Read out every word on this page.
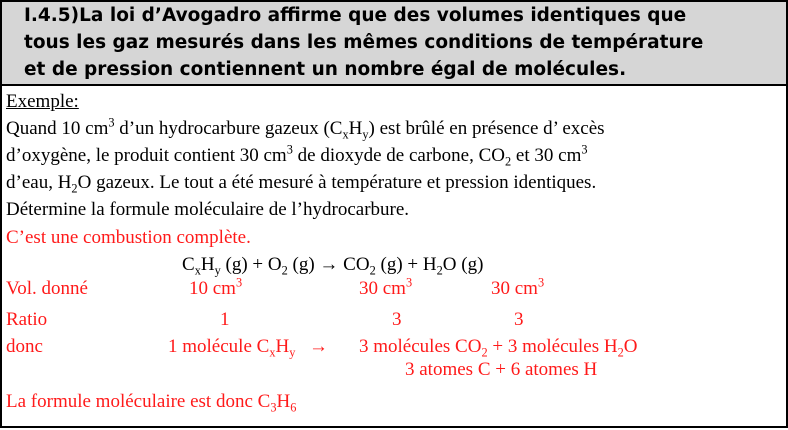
I.4.5)La loi d’Avogadro affirme que des volumes identiques que
tous les gaz mesurés dans les mêmes conditions de température
et de pression contiennent un nombre égal de molécules.
Exemple:
Quand 10 $cm^3$ d’un hydrocarbure gazeux $(C_xH_y)$ est brûlé en présence d’ excès
d’oxygène, le produit contient 30 $cm^3$ de dioxyde de carbone, $CO_2$ et 30 $cm^3$
d’eau, $H_2O$ gazeux. Le tout a été mesuré à température et pression identiques.
Détermine la formule moléculaire de l’hydrocarbure.
C’est une combustion complète.
$C_xH_y$ $(g) + O_2$ $(g) \to CO_2$ $(g) + H_2O$ (g)
Vol. donné	10 $cm^3$	30 $cm^3$	30 $cm^3$
Ratio	1	3	3
donc	1 molécule $C_xH_y \to 3$ molécules $CO_2 + 3$ molécules $H_2O$
3 atomes C + 6 atomes H
La formule moléculaire est donc $C_3H_6$
